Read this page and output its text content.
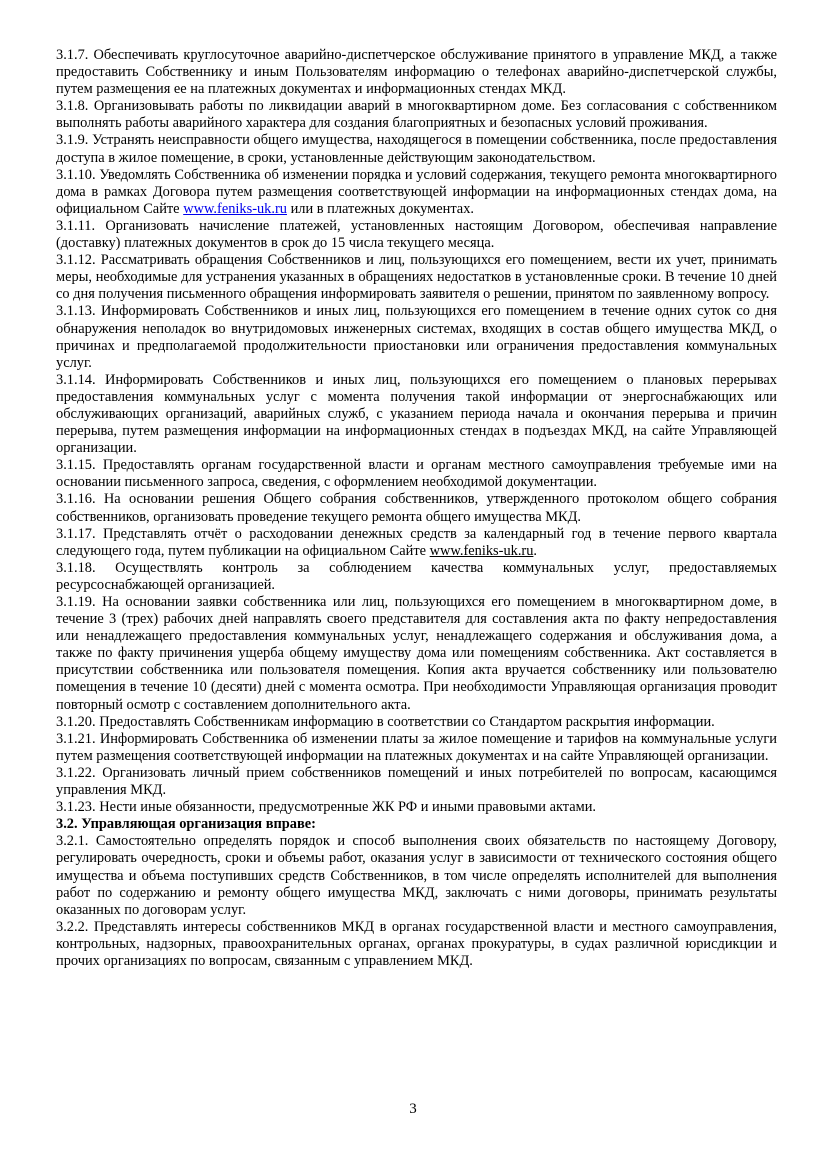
3.1.7. Обеспечивать круглосуточное аварийно-диспетчерское обслуживание принятого в управление МКД, а также предоставить Собственнику и иным Пользователям информацию о телефонах аварийно-диспетчерской службы, путем размещения ее на платежных документах и информационных стендах МКД.

3.1.8. Организовывать работы по ликвидации аварий в многоквартирном доме. Без согласования с собственником выполнять работы аварийного характера для создания благоприятных и безопасных условий проживания.

3.1.9. Устранять неисправности общего имущества, находящегося в помещении собственника, после предоставления доступа в жилое помещение, в сроки, установленные действующим законодательством.

3.1.10. Уведомлять Собственника об изменении порядка и условий содержания, текущего ремонта многоквартирного дома в рамках Договора путем размещения соответствующей информации на информационных стендах дома, на официальном Сайте www.feniks-uk.ru или в платежных документах.

3.1.11. Организовать начисление платежей, установленных настоящим Договором, обеспечивая направление (доставку) платежных документов в срок до 15 числа текущего месяца.

3.1.12. Рассматривать обращения Собственников и лиц, пользующихся его помещением, вести их учет, принимать меры, необходимые для устранения указанных в обращениях недостатков в установленные сроки. В течение 10 дней со дня получения письменного обращения информировать заявителя о решении, принятом по заявленному вопросу.

3.1.13. Информировать Собственников и иных лиц, пользующихся его помещением в течение одних суток со дня обнаружения неполадок во внутридомовых инженерных системах, входящих в состав общего имущества МКД, о причинах и предполагаемой продолжительности приостановки или ограничения предоставления коммунальных услуг.

3.1.14. Информировать Собственников и иных лиц, пользующихся его помещением о плановых перерывах предоставления коммунальных услуг с момента получения такой информации от энергоснабжающих или обслуживающих организаций, аварийных служб, с указанием периода начала и окончания перерыва и причин перерыва, путем размещения информации на информационных стендах в подъездах МКД, на сайте Управляющей организации.

3.1.15. Предоставлять органам государственной власти и органам местного самоуправления требуемые ими на основании письменного запроса, сведения, с оформлением необходимой документации.

3.1.16. На основании решения Общего собрания собственников, утвержденного протоколом общего собрания собственников, организовать проведение текущего ремонта общего имущества МКД.

3.1.17. Представлять отчёт о расходовании денежных средств за календарный год в течение первого квартала следующего года, путем публикации на официальном Сайте www.feniks-uk.ru.

3.1.18. Осуществлять контроль за соблюдением качества коммунальных услуг, предоставляемых ресурсоснабжающей организацией.

3.1.19. На основании заявки собственника или лиц, пользующихся его помещением в многоквартирном доме, в течение 3 (трех) рабочих дней направлять своего представителя для составления акта по факту непредоставления или ненадлежащего предоставления коммунальных услуг, ненадлежащего содержания и обслуживания дома, а также по факту причинения ущерба общему имуществу дома или помещениям собственника. Акт составляется в присутствии собственника или пользователя помещения. Копия акта вручается собственнику или пользователю помещения в течение 10 (десяти) дней с момента осмотра. При необходимости Управляющая организация проводит повторный осмотр с составлением дополнительного акта.

3.1.20. Предоставлять Собственникам информацию в соответствии со Стандартом раскрытия информации.

3.1.21. Информировать Собственника об изменении платы за жилое помещение и тарифов на коммунальные услуги путем размещения соответствующей информации на платежных документах и на сайте Управляющей организации.

3.1.22. Организовать личный прием собственников помещений и иных потребителей по вопросам, касающимся управления МКД.

3.1.23. Нести иные обязанности, предусмотренные ЖК РФ и иными правовыми актами.

3.2. Управляющая организация вправе:

3.2.1. Самостоятельно определять порядок и способ выполнения своих обязательств по настоящему Договору, регулировать очередность, сроки и объемы работ, оказания услуг в зависимости от технического состояния общего имущества и объема поступивших средств Собственников, в том числе определять исполнителей для выполнения работ по содержанию и ремонту общего имущества МКД, заключать с ними договоры, принимать результаты оказанных по договорам услуг.

3.2.2. Представлять интересы собственников МКД в органах государственной власти и местного самоуправления, контрольных, надзорных, правоохранительных органах, органах прокуратуры, в судах различной юрисдикции и прочих организациях по вопросам, связанным с управлением МКД.

3
